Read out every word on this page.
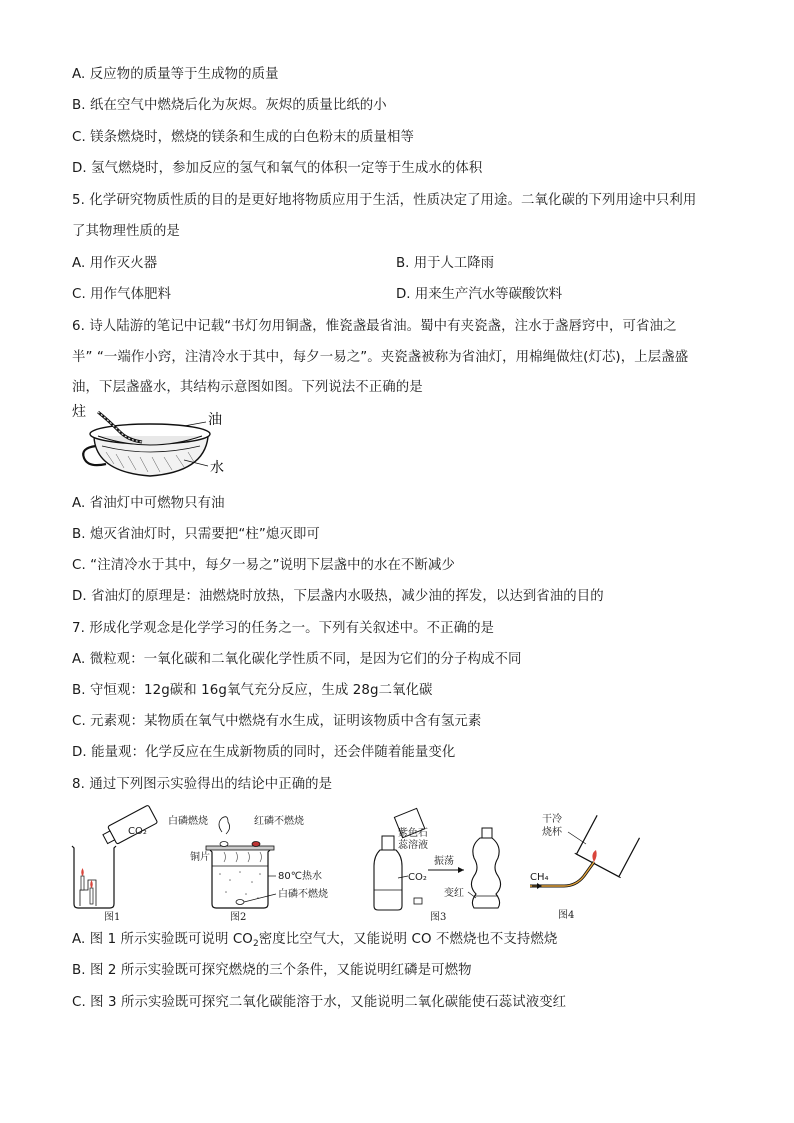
A. 反应物的质量等于生成物的质量
B. 纸在空气中燃烧后化为灰烬。灰烬的质量比纸的小
C. 镁条燃烧时，燃烧的镁条和生成的白色粉末的质量相等
D. 氢气燃烧时，参加反应的氢气和氧气的体积一定等于生成水的体积
5. 化学研究物质性质的目的是更好地将物质应用于生活，性质决定了用途。二氧化碳的下列用途中只利用
了其物理性质的是
A. 用作灭火器	B. 用于人工降雨
C. 用作气体肥料	D. 用来生产汽水等碳酸饮料
6. 诗人陆游的笔记中记载“书灯勿用铜盏，惟瓷盏最省油。蜀中有夹瓷盏，注水于盏唇窍中，可省油之
半” “一端作小窍，注清冷水于其中，每夕一易之”。夹瓷盏被称为省油灯，用棉绳做炷(灯芯)，上层盏盛
油，下层盏盛水，其结构示意图如图。下列说法不正确的是
炷	油
水
A. 省油灯中可燃物只有油
B. 熄灭省油灯时，只需要把“柱”熄灭即可
C. “注清冷水于其中，每夕一易之”说明下层盏中的水在不断减少
D. 省油灯的原理是：油燃烧时放热，下层盏内水吸热，减少油的挥发，以达到省油的目的
7. 形成化学观念是化学学习的任务之一。下列有关叙述中。不正确的是
A. 微粒观：一氧化碳和二氧化碳化学性质不同，是因为它们的分子构成不同
B. 守恒观：12g碳和 16g氧气充分反应，生成 28g二氧化碳
C. 元素观：某物质在氧气中燃烧有水生成，证明该物质中含有氢元素
D. 能量观：化学反应在生成新物质的同时，还会伴随着能量变化
8. 通过下列图示实验得出的结论中正确的是
CO₂
图1
白磷燃烧	红磷不燃烧
铜片
80℃热水
白磷不燃烧
图2
紫色石
蕊溶液
CO₂
振荡
变红
图3
干冷
烧杯
CH₄
图4
A. 图 1 所示实验既可说明 $CO_2$密度比空气大，又能说明 CO 不燃烧也不支持燃烧
B. 图 2 所示实验既可探究燃烧的三个条件，又能说明红磷是可燃物
C. 图 3 所示实验既可探究二氧化碳能溶于水，又能说明二氧化碳能使石蕊试液变红
